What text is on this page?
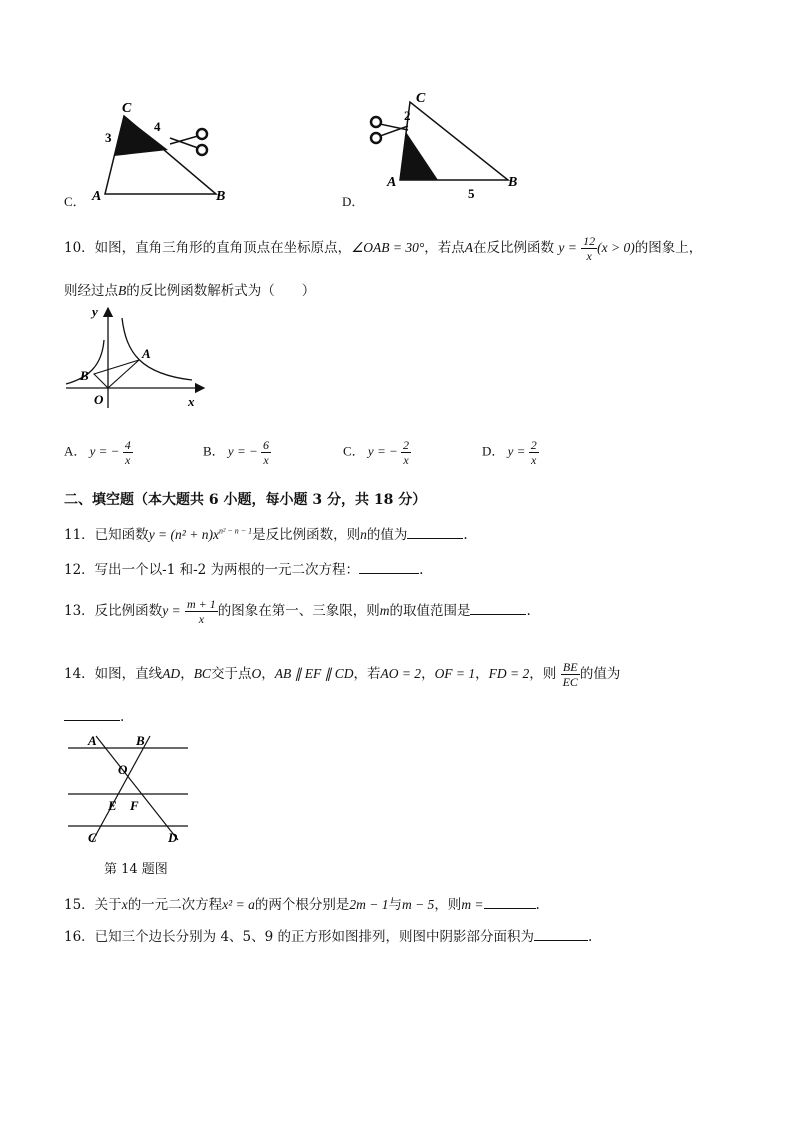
C．
C
3
4
A	B	D．
C
2
A
5
B
10．如图，直角三角形的直角顶点在坐标原点，∠OAB = 30°，若点A在反比例函数 $y = \frac{12}{x} (x > 0)$的图象上，
则经过点B的反比例函数解析式为（　　）
y
x
O
A
B
A． y = − $\frac{4}{x}$	B． y = − $\frac{6}{x}$	C． y = − $\frac{2}{x}$	D． $y = \frac{2}{x}$
二、填空题（本大题共 6 小题，每小题 3 分，共 18 分）
11．已知函数$y = (n^2 + n)x^{n^2 - n - 1}$是反比例函数，则n的值为	.
12．写出一个以-1 和-2 为两根的一元二次方程：	.
13．反比例函数$y = \frac{m + 1}{x}$ 的图象在第一、三象限，则m的取值范围是	.
14．如图，直线AD，BC交于点O，AB ∥ EF ∥ CD，若AO = 2，OF = 1，FD = 2，则 $\frac{BE}{EC}$ 的值为
.
A	B
O
E F
C	D
第 14 题图
15．关于x的一元二次方程x² = a的两个根分别是2m − 1与m − 5，则m =	.
16．已知三个边长分别为 4、5、9 的正方形如图排列，则图中阴影部分面积为	.
